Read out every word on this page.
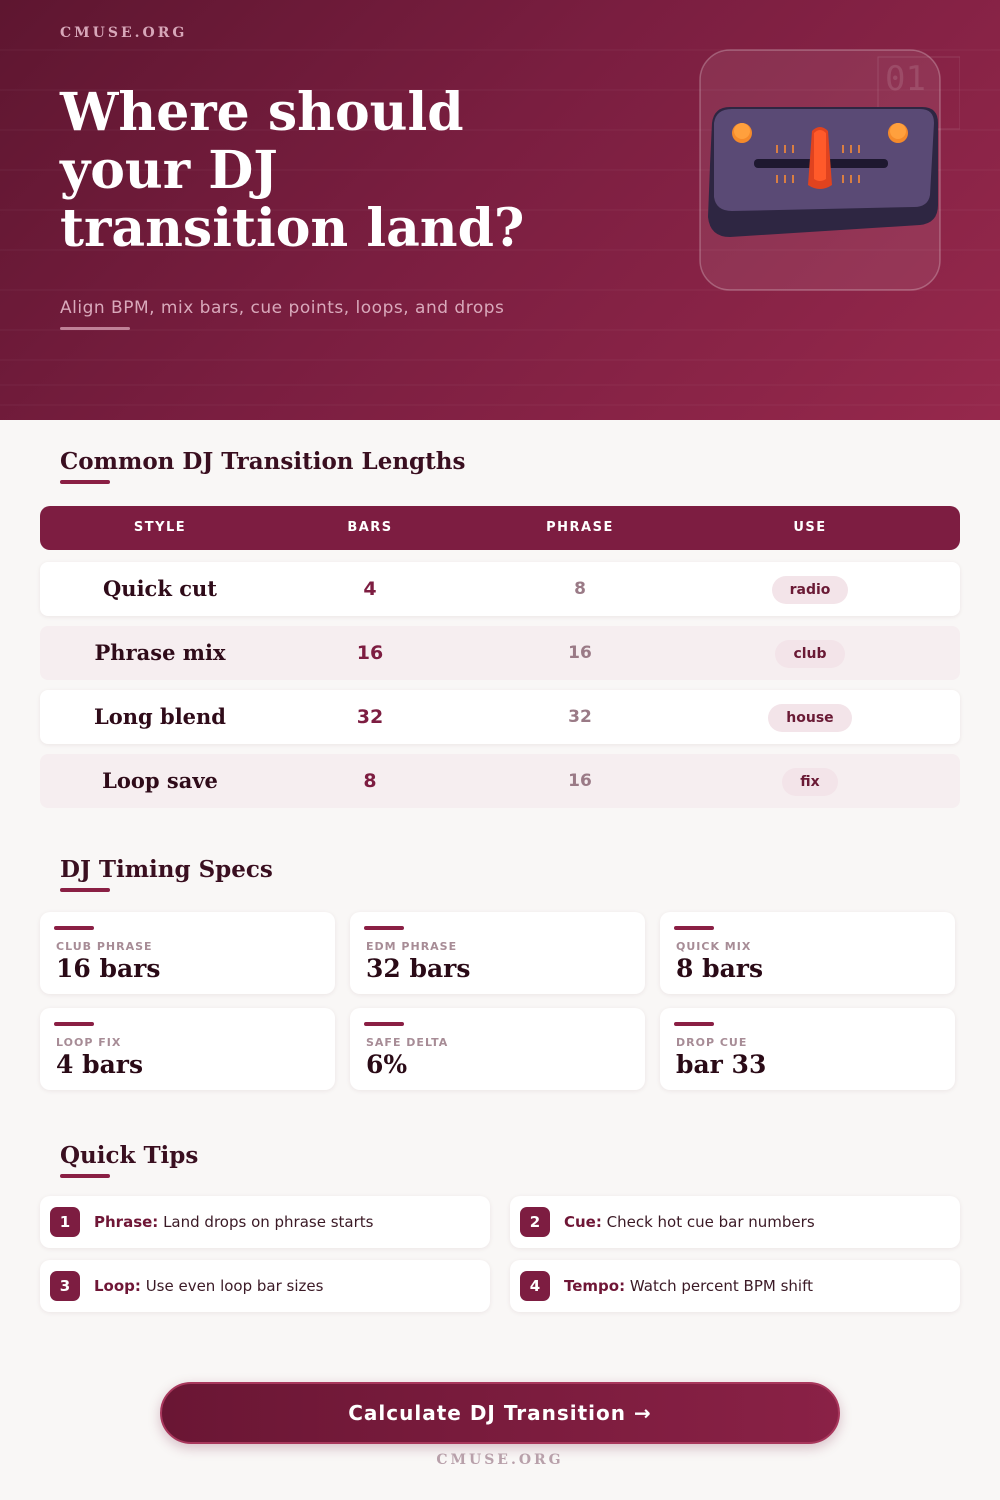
CMUSE.ORG
Where should your DJ transition land?
Align BPM, mix bars, cue points, loops, and drops
01
Common DJ Transition Lengths
STYLE	BARS	PHRASE	USE
Quick cut	4	8	radio
Phrase mix	16	16	club
Long blend	32	32	house
Loop save	8	16	fix
DJ Timing Specs
CLUB PHRASE
16 bars
EDM PHRASE
32 bars
QUICK MIX
8 bars
LOOP FIX
4 bars
SAFE DELTA
6%
DROP CUE
bar 33
Quick Tips
1	Phrase: Land drops on phrase starts	2	Cue: Check hot cue bar numbers
3	Loop: Use even loop bar sizes	4	Tempo: Watch percent BPM shift
Calculate DJ Transition →
CMUSE.ORG
